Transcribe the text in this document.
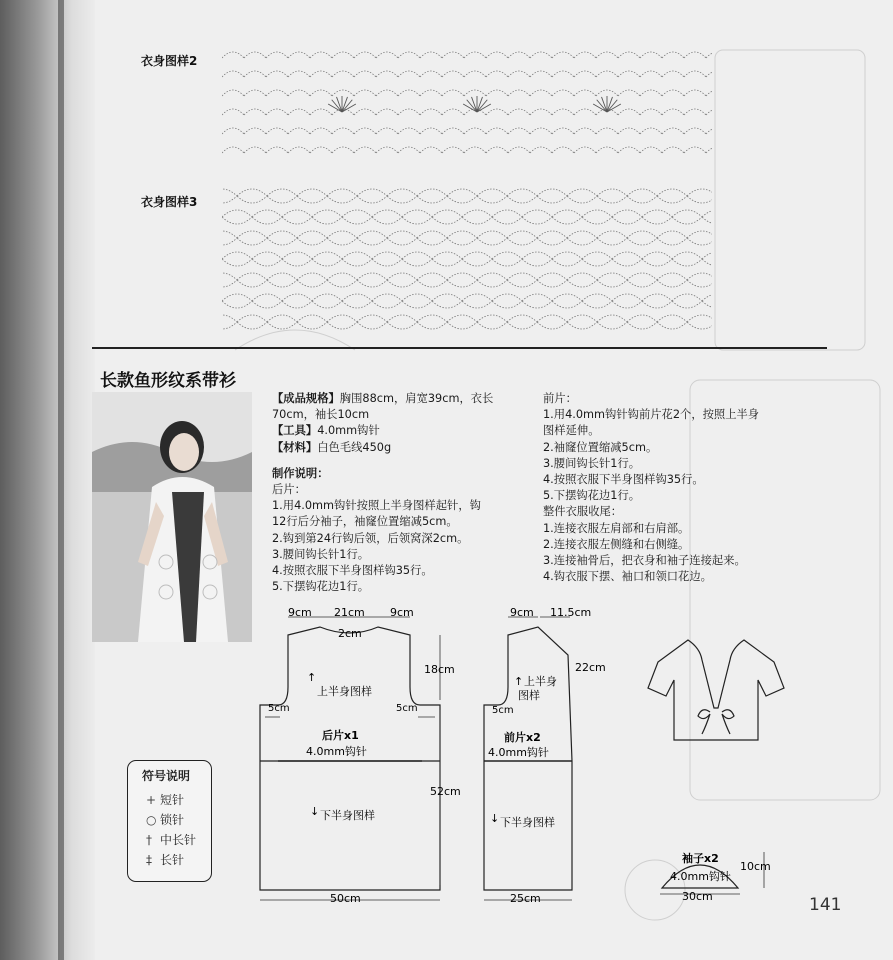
衣身图样2
衣身图样3
长款鱼形纹系带衫

【成品规格】胸围88cm，肩宽39cm，衣长

70cm，袖长10cm

【工具】4.0mm钩针

【材料】白色毛线450g

制作说明：

后片：

1.用4.0mm钩针按照上半身图样起针，钩

12行后分袖子，袖窿位置缩减5cm。

2.钩到第24行钩后领，后领窝深2cm。

3.腰间钩长针1行。

4.按照衣服下半身图样钩35行。

5.下摆钩花边1行。

前片：

1.用4.0mm钩针钩前片花2个，按照上半身

图样延伸。

2.袖窿位置缩减5cm。

3.腰间钩长针1行。

4.按照衣服下半身图样钩35行。

5.下摆钩花边1行。

整件衣服收尾：

1.连接衣服左肩部和右肩部。

2.连接衣服左侧缝和右侧缝。

3.连接袖骨后，把衣身和袖子连接起来。

4.钩衣服下摆、袖口和领口花边。

9cm 21cm 9cm
2cm
18cm
5cm	5cm
↑
上半身图样
后片x1
4.0mm钩针
↓ 下半身图样
52cm
50cm
9cm 11.5cm
22cm
↑ 上半身
图样
5cm
前片x2
4.0mm钩针
↓ 下半身图样
25cm
袖子x2
4.0mm钩针
10cm
30cm
符号说明
+ 短针
○ 锁针
† 中长针
‡ 长针
141
